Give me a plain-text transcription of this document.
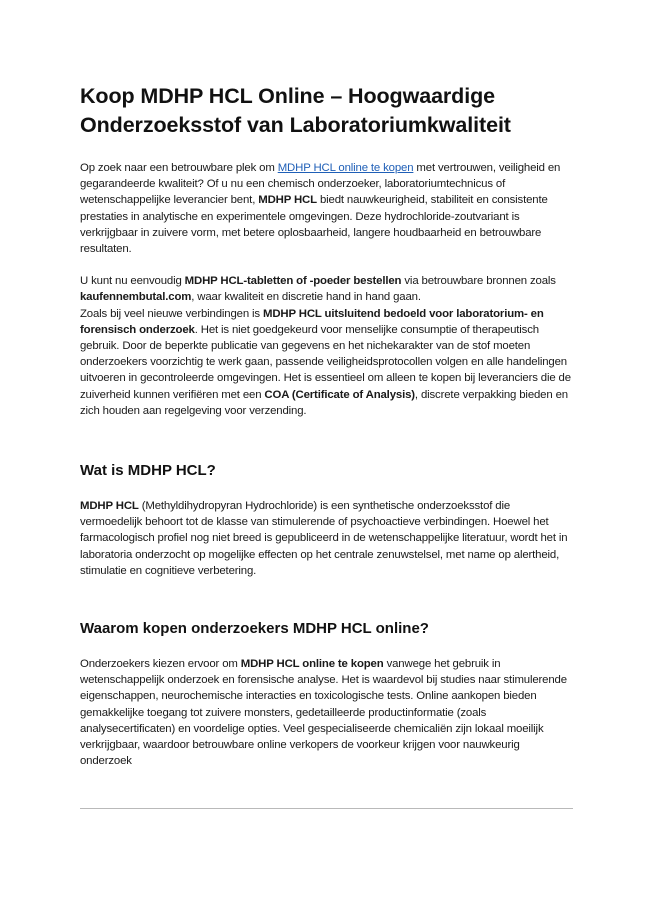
Koop MDHP HCL Online – Hoogwaardige Onderzoeksstof van Laboratoriumkwaliteit

Op zoek naar een betrouwbare plek om MDHP HCL online te kopen met vertrouwen, veiligheid en gegarandeerde kwaliteit? Of u nu een chemisch onderzoeker, laboratoriumtechnicus of wetenschappelijke leverancier bent, MDHP HCL biedt nauwkeurigheid, stabiliteit en consistente prestaties in analytische en experimentele omgevingen. Deze hydrochloride-zoutvariant is verkrijgbaar in zuivere vorm, met betere oplosbaarheid, langere houdbaarheid en betrouwbare resultaten.

U kunt nu eenvoudig MDHP HCL-tabletten of -poeder bestellen via betrouwbare bronnen zoals kaufennembutal.com, waar kwaliteit en discretie hand in hand gaan.
Zoals bij veel nieuwe verbindingen is MDHP HCL uitsluitend bedoeld voor laboratorium- en forensisch onderzoek. Het is niet goedgekeurd voor menselijke consumptie of therapeutisch gebruik. Door de beperkte publicatie van gegevens en het nichekarakter van de stof moeten onderzoekers voorzichtig te werk gaan, passende veiligheidsprotocollen volgen en alle handelingen uitvoeren in gecontroleerde omgevingen. Het is essentieel om alleen te kopen bij leveranciers die de zuiverheid kunnen verifiëren met een COA (Certificate of Analysis), discrete verpakking bieden en zich houden aan regelgeving voor verzending.

Wat is MDHP HCL?

MDHP HCL (Methyldihydropyran Hydrochloride) is een synthetische onderzoeksstof die vermoedelijk behoort tot de klasse van stimulerende of psychoactieve verbindingen. Hoewel het farmacologisch profiel nog niet breed is gepubliceerd in de wetenschappelijke literatuur, wordt het in laboratoria onderzocht op mogelijke effecten op het centrale zenuwstelsel, met name op alertheid, stimulatie en cognitieve verbetering.

Waarom kopen onderzoekers MDHP HCL online?

Onderzoekers kiezen ervoor om MDHP HCL online te kopen vanwege het gebruik in wetenschappelijk onderzoek en forensische analyse. Het is waardevol bij studies naar stimulerende eigenschappen, neurochemische interacties en toxicologische tests. Online aankopen bieden gemakkelijke toegang tot zuivere monsters, gedetailleerde productinformatie (zoals analysecertificaten) en voordelige opties. Veel gespecialiseerde chemicaliën zijn lokaal moeilijk verkrijgbaar, waardoor betrouwbare online verkopers de voorkeur krijgen voor nauwkeurig onderzoek
